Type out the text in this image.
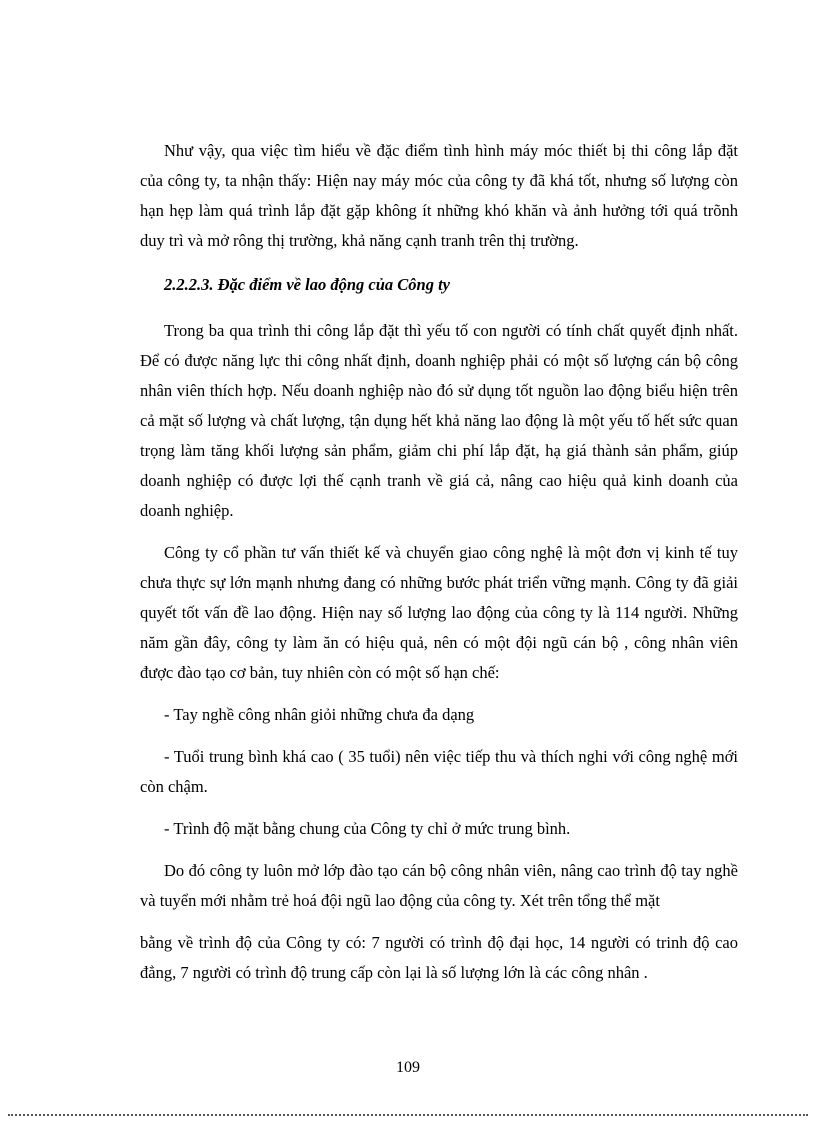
Như vậy, qua việc tìm hiểu về đặc điểm tình hình máy móc thiết bị thi công lắp đặt của công ty, ta nhận thấy: Hiện nay máy móc của công ty đã khá tốt, nhưng số lượng còn hạn hẹp làm quá trình lắp đặt gặp không ít những khó khăn và ảnh hưởng tới quá trõnh duy trì và mở rông thị trường, khả năng cạnh tranh trên thị trường.

2.2.2.3. Đặc điểm về lao động của Công ty

Trong ba qua trình thi công lắp đặt thì yếu tố con người có tính chất quyết định nhất. Để có được năng lực thi công nhất định, doanh nghiệp phải có một số lượng cán bộ công nhân viên thích hợp. Nếu doanh nghiệp nào đó sử dụng tốt nguồn lao động biểu hiện trên cả mặt số lượng và chất lượng, tận dụng hết khả năng lao động là một yếu tố hết sức quan trọng làm tăng khối lượng sản phẩm, giảm chi phí lắp đặt, hạ giá thành sản phẩm, giúp doanh nghiệp có được lợi thế cạnh tranh về giá cả, nâng cao hiệu quả kinh doanh của doanh nghiệp.

Công ty cổ phần tư vấn thiết kế và chuyển giao công nghệ là một đơn vị kinh tế tuy chưa thực sự lớn mạnh nhưng đang có những bước phát triển vững mạnh. Công ty đã giải quyết tốt vấn đề lao động. Hiện nay số lượng lao động của công ty là 114 người. Những năm gần đây, công ty làm ăn có hiệu quả, nên có một đội ngũ cán bộ , công nhân viên được đào tạo cơ bản, tuy nhiên còn có một số hạn chế:

- Tay nghề công nhân giỏi những chưa đa dạng

- Tuổi trung bình khá cao ( 35 tuổi) nên việc tiếp thu và thích nghi với công nghệ mới còn chậm.

- Trình độ mặt bằng chung của Công ty chỉ ở mức trung bình.

Do đó công ty luôn mở lớp đào tạo cán bộ công nhân viên, nâng cao trình độ tay nghề và tuyển mới nhằm trẻ hoá đội ngũ lao động của công ty. Xét trên tổng thể mặt

bằng về trình độ của Công ty có: 7 người có trình độ đại học, 14 người có trinh độ cao đẳng, 7 người có trình độ trung cấp còn lại là số lượng lớn là các công nhân .

109
